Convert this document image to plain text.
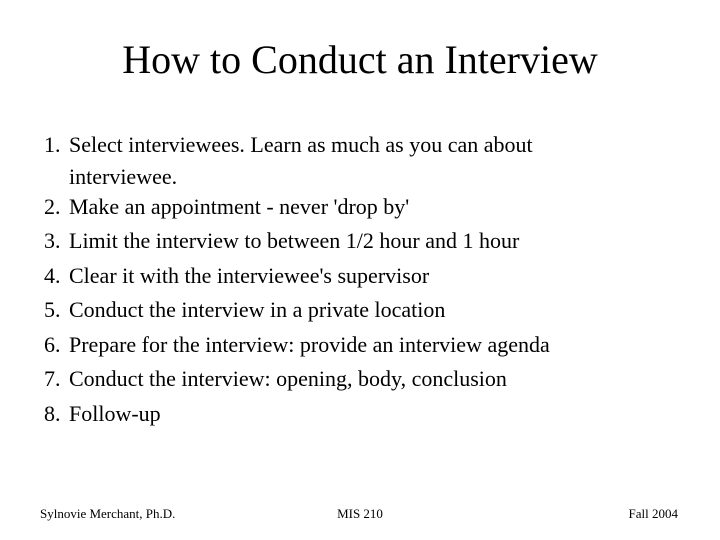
How to Conduct an Interview
1. Select interviewees. Learn as much as you can about
interviewee.
2. Make an appointment - never 'drop by'
3. Limit the interview to between 1/2 hour and 1 hour
4. Clear it with the interviewee's supervisor
5. Conduct the interview in a private location
6. Prepare for the interview: provide an interview agenda
7. Conduct the interview: opening, body, conclusion
8. Follow-up
Sylnovie Merchant, Ph.D.	MIS 210	Fall 2004
